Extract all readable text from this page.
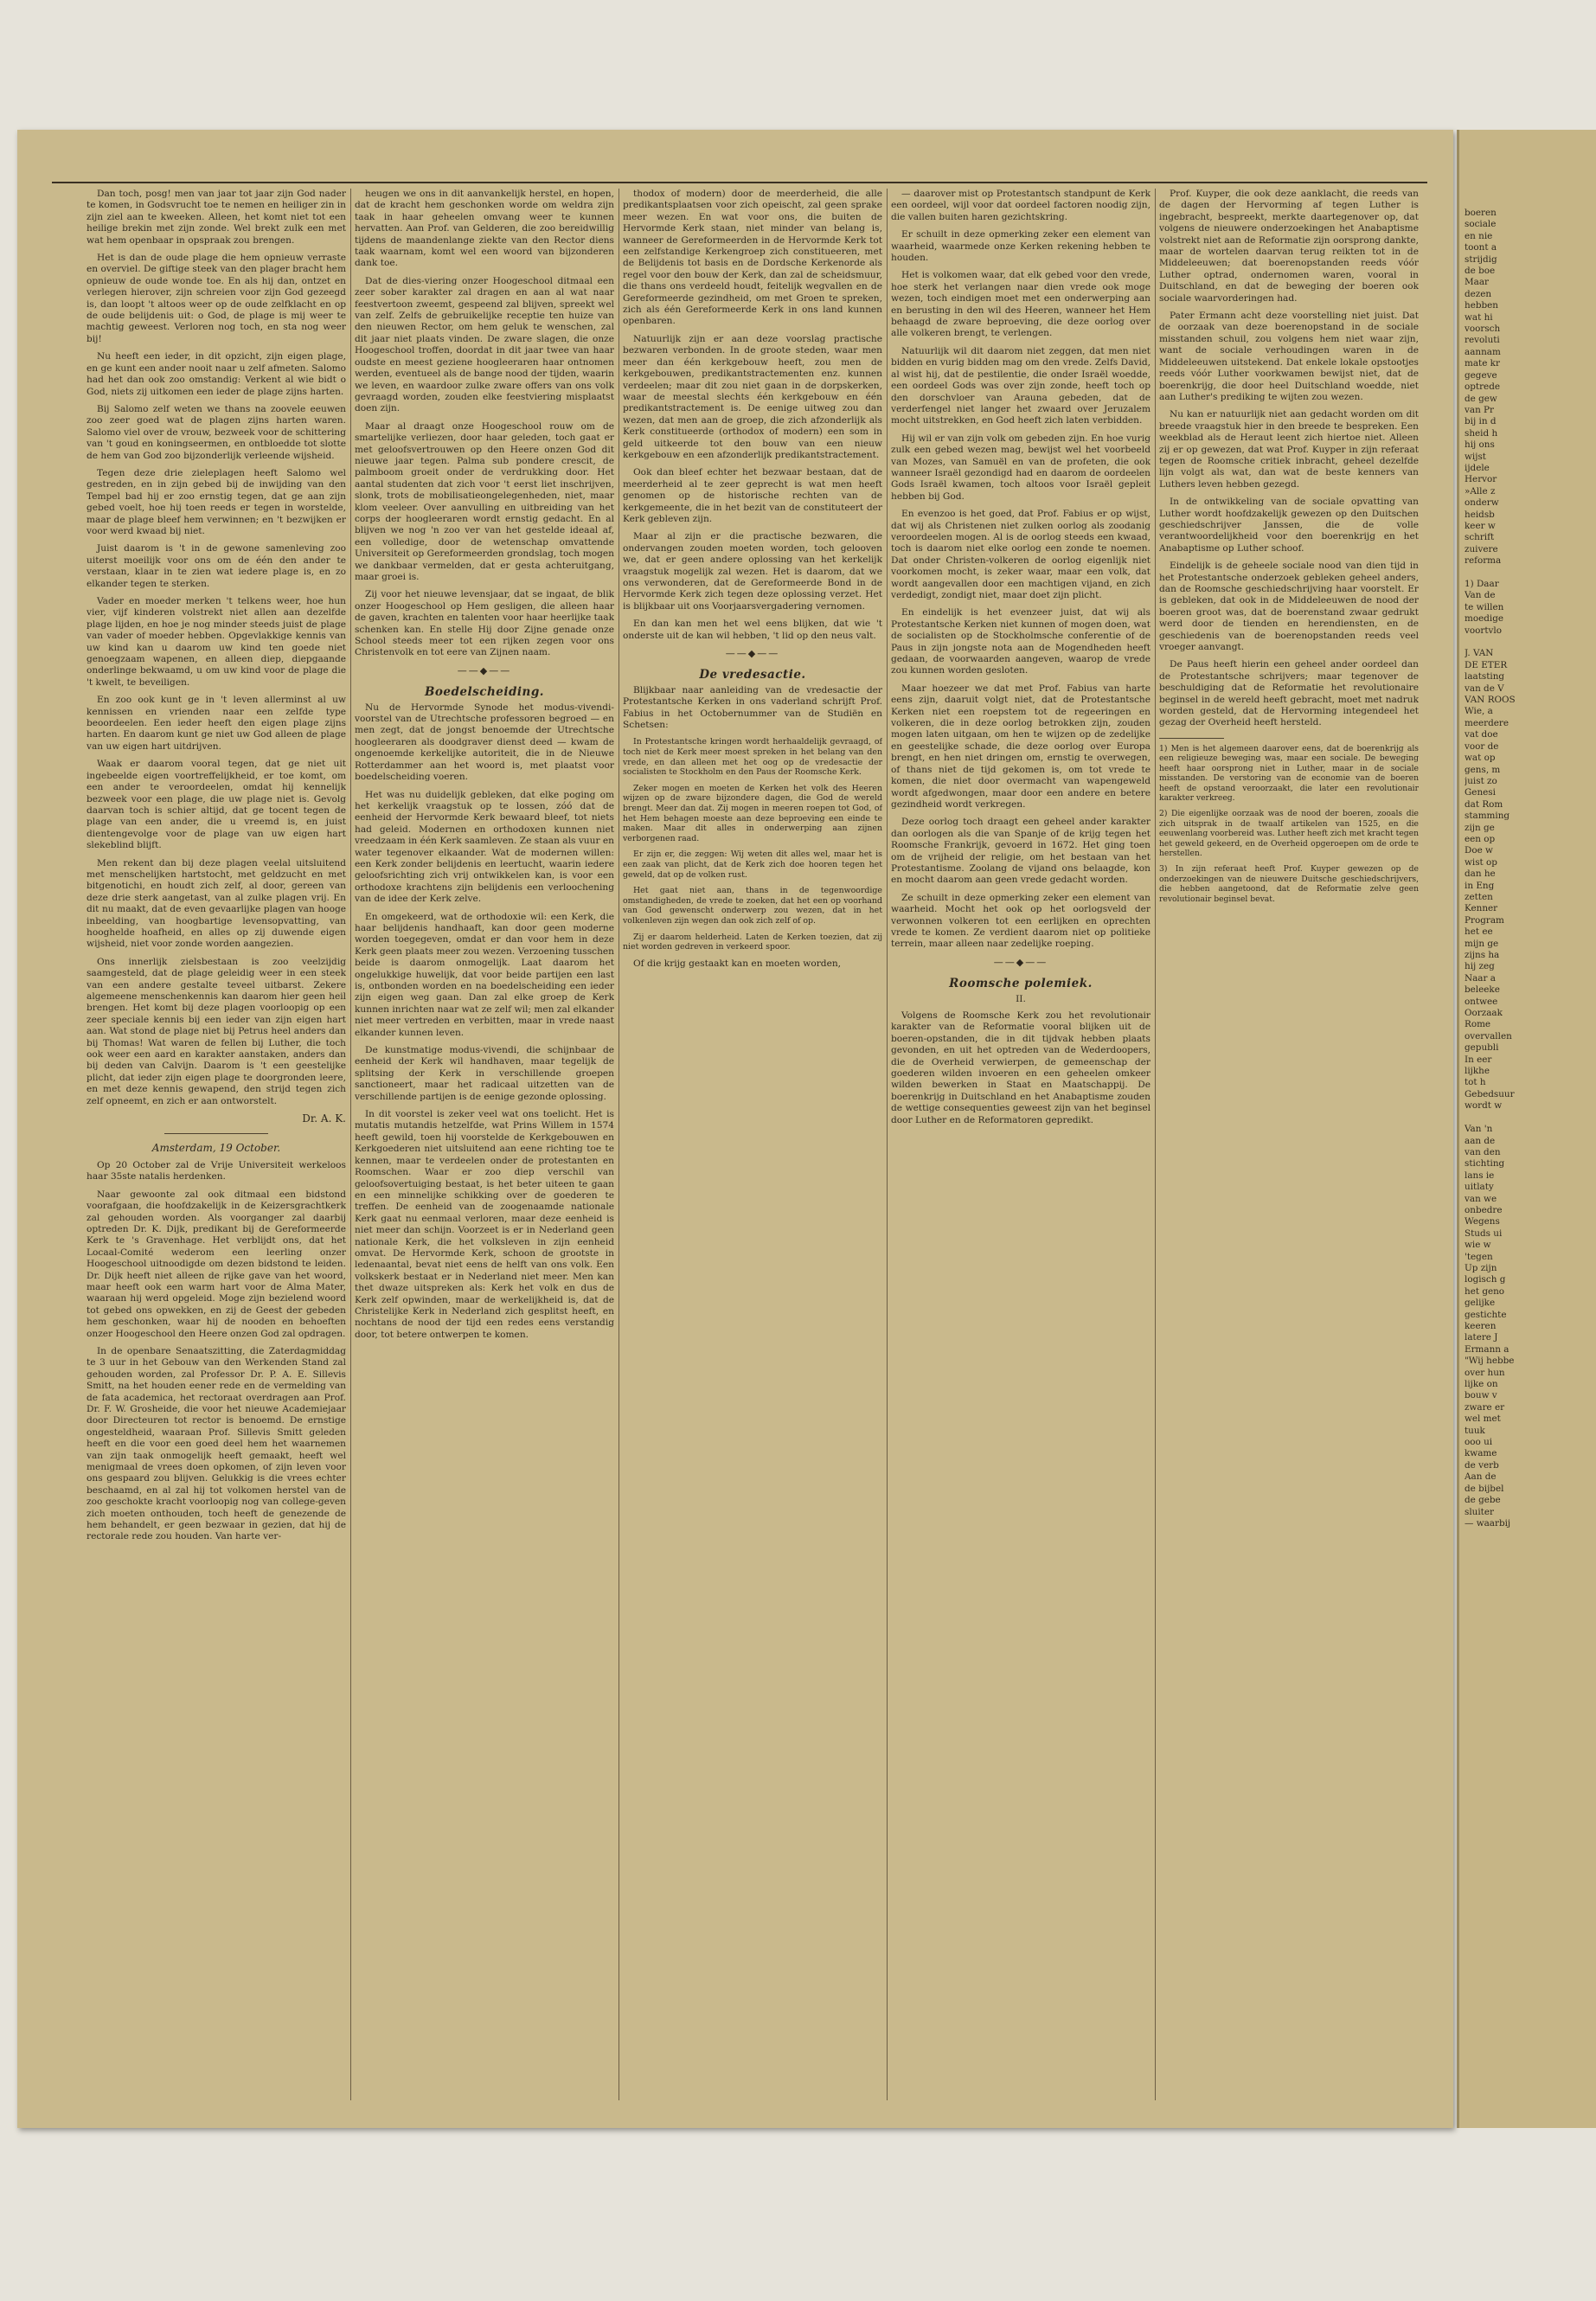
boeren
sociale
en nie
toont a
strijdig
de boe
Maar
dezen
hebben
wat hi
voorsch
revoluti
aannam
mate kr
gegeve
optrede
de gew
van Pr
bij in d
sheid h
hij ons
wijst
ijdele
Hervor
»Alle z
onderw
heidsb
keer w
schrift
zuivere
reforma

1) Daar
Van de
te willen
moedige
voortvlo

J. VAN
DE ETER
laatsting
van de V
VAN ROOS
Wie, a
meerdere
vat doe
voor de
wat op
gens, m
juist zo
Genesi
dat Rom
stamming
zijn ge
een op
Doe w
wist op
dan he
in Eng
zetten
Kenner
Program
het ee
mijn ge
zijns ha
hij zeg
Naar a
beleeke
ontwee
Oorzaak
Rome
overvallen
gepubli
In eer
lijkhe
tot h
Gebedsuur
wordt w

Van 'n
aan de
van den
stichting
lans ie
uitlaty
van we
onbedre
Wegens
Studs ui
wie w
'tegen
Up zijn
logisch g
het geno
gelijke
gestichte
keeren
latere J
Ermann a
"Wij hebbe
over hun
lijke on
bouw v
zware er
wel met
tuuk
ooo ui
kwame
de verb
Aan de
de bijbel
de gebe
sluiter
— waarbij

Dan toch, posg! men van jaar tot jaar zijn God nader te komen, in Godsvrucht toe te nemen en heiliger zin in zijn ziel aan te kweeken. Alleen, het komt niet tot een heilige brekin met zijn zonde. Wel brekt zulk een met wat hem openbaar in opspraak zou brengen.

Het is dan de oude plage die hem opnieuw verraste en overviel. De giftige steek van den plager bracht hem opnieuw de oude wonde toe. En als hij dan, ontzet en verlegen hierover, zijn schreien voor zijn God gezeegd is, dan loopt 't altoos weer op de oude zelfklacht en op de oude belijdenis uit: o God, de plage is mij weer te machtig geweest. Verloren nog toch, en sta nog weer bij!

Nu heeft een ieder, in dit opzicht, zijn eigen plage, en ge kunt een ander nooit naar u zelf afmeten. Salomo had het dan ook zoo omstandig: Verkent al wie bidt o God, niets zij uitkomen een ieder de plage zijns harten.

Bij Salomo zelf weten we thans na zoovele eeuwen zoo zeer goed wat de plagen zijns harten waren. Salomo viel over de vrouw, bezweek voor de schittering van 't goud en koningseermen, en ontbloedde tot slotte de hem van God zoo bijzonderlijk verleende wijsheid.

Tegen deze drie zieleplagen heeft Salomo wel gestreden, en in zijn gebed bij de inwijding van den Tempel bad hij er zoo ernstig tegen, dat ge aan zijn gebed voelt, hoe hij toen reeds er tegen in worstelde, maar de plage bleef hem verwinnen; en 't bezwijken er voor werd kwaad bij niet.

Juist daarom is 't in de gewone samenleving zoo uiterst moeilijk voor ons om de één den ander te verstaan, klaar in te zien wat iedere plage is, en zo elkander tegen te sterken.

Vader en moeder merken 't telkens weer, hoe hun vier, vijf kinderen volstrekt niet allen aan dezelfde plage lijden, en hoe je nog minder steeds juist de plage van vader of moeder hebben. Opgevlakkige kennis van uw kind kan u daarom uw kind ten goede niet genoegzaam wapenen, en alleen diep, diepgaande onderlinge bekwaamd, u om uw kind voor de plage die 't kwelt, te beveiligen.

En zoo ook kunt ge in 't leven allerminst al uw kennissen en vrienden naar een zelfde type beoordeelen. Een ieder heeft den eigen plage zijns harten. En daarom kunt ge niet uw God alleen de plage van uw eigen hart uitdrijven.

Waak er daarom vooral tegen, dat ge niet uit ingebeelde eigen voortreffelijkheid, er toe komt, om een ander te veroordeelen, omdat hij kennelijk bezweek voor een plage, die uw plage niet is. Gevolg daarvan toch is schier altijd, dat ge tocent tegen de plage van een ander, die u vreemd is, en juist dientengevolge voor de plage van uw eigen hart slekeblind blijft.

Men rekent dan bij deze plagen veelal uitsluitend met menschelijken hartstocht, met geldzucht en met bitgenotichi, en houdt zich zelf, al door, gereen van deze drie sterk aangetast, van al zulke plagen vrij. En dit nu maakt, dat de even gevaarlijke plagen van hooge inbeelding, van hoogbartige levensopvatting, van hooghelde hoafheid, en alles op zij duwende eigen wijsheid, niet voor zonde worden aangezien.

Ons innerlijk zielsbestaan is zoo veelzijdig saamgesteld, dat de plage geleidig weer in een steek van een andere gestalte teveel uitbarst. Zekere algemeene menschenkennis kan daarom hier geen heil brengen. Het komt bij deze plagen voorloopig op een zeer speciale kennis bij een ieder van zijn eigen hart aan. Wat stond de plage niet bij Petrus heel anders dan bij Thomas! Wat waren de fellen bij Luther, die toch ook weer een aard en karakter aanstaken, anders dan bij deden van Calvijn. Daarom is 't een geestelijke plicht, dat ieder zijn eigen plage te doorgronden leere, en met deze kennis gewapend, den strijd tegen zich zelf opneemt, en zich er aan ontworstelt.

Dr. A. K.

Amsterdam, 19 October.

Op 20 October zal de Vrije Universiteit werkeloos haar 35ste natalis herdenken.

Naar gewoonte zal ook ditmaal een bidstond voorafgaan, die hoofdzakelijk in de Keizersgrachtkerk zal gehouden worden. Als voorganger zal daarbij optreden Dr. K. Dijk, predikant bij de Gereformeerde Kerk te 's Gravenhage. Het verblijdt ons, dat het Locaal-Comité wederom een leerling onzer Hoogeschool uitnoodigde om dezen bidstond te leiden. Dr. Dijk heeft niet alleen de rijke gave van het woord, maar heeft ook een warm hart voor de Alma Mater, waaraan hij werd opgeleid. Moge zijn bezielend woord tot gebed ons opwekken, en zij de Geest der gebeden hem geschonken, waar hij de nooden en behoeften onzer Hoogeschool den Heere onzen God zal opdragen.

In de openbare Senaatszitting, die Zaterdagmiddag te 3 uur in het Gebouw van den Werkenden Stand zal gehouden worden, zal Professor Dr. P. A. E. Sillevis Smitt, na het houden eener rede en de vermelding van de fata academica, het rectoraat overdragen aan Prof. Dr. F. W. Grosheide, die voor het nieuwe Academiejaar door Directeuren tot rector is benoemd. De ernstige ongesteldheid, waaraan Prof. Sillevis Smitt geleden heeft en die voor een goed deel hem het waarnemen van zijn taak onmogelijk heeft gemaakt, heeft wel menigmaal de vrees doen opkomen, of zijn leven voor ons gespaard zou blijven. Gelukkig is die vrees echter beschaamd, en al zal hij tot volkomen herstel van de zoo geschokte kracht voorloopig nog van college-geven zich moeten onthouden, toch heeft de genezende de hem behandelt, er geen bezwaar in gezien, dat hij de rectorale rede zou houden. Van harte ver-

heugen we ons in dit aanvankelijk herstel, en hopen, dat de kracht hem geschonken worde om weldra zijn taak in haar geheelen omvang weer te kunnen hervatten. Aan Prof. van Gelderen, die zoo bereidwillig tijdens de maandenlange ziekte van den Rector diens taak waarnam, komt wel een woord van bijzonderen dank toe.

Dat de dies-viering onzer Hoogeschool ditmaal een zeer sober karakter zal dragen en aan al wat naar feestvertoon zweemt, gespeend zal blijven, spreekt wel van zelf. Zelfs de gebruikelijke receptie ten huize van den nieuwen Rector, om hem geluk te wenschen, zal dit jaar niet plaats vinden. De zware slagen, die onze Hoogeschool troffen, doordat in dit jaar twee van haar oudste en meest geziene hoogleeraren haar ontnomen werden, eventueel als de bange nood der tijden, waarin we leven, en waardoor zulke zware offers van ons volk gevraagd worden, zouden elke feestviering misplaatst doen zijn.

Maar al draagt onze Hoogeschool rouw om de smartelijke verliezen, door haar geleden, toch gaat er met geloofsvertrouwen op den Heere onzen God dit nieuwe jaar tegen. Palma sub pondere crescit, de palmboom groeit onder de verdrukking door. Het aantal studenten dat zich voor 't eerst liet inschrijven, slonk, trots de mobilisatieongelegenheden, niet, maar klom veeleer. Over aanvulling en uitbreiding van het corps der hoogleeraren wordt ernstig gedacht. En al blijven we nog 'n zoo ver van het gestelde ideaal af, een volledige, door de wetenschap omvattende Universiteit op Gereformeerden grondslag, toch mogen we dankbaar vermelden, dat er gesta achteruitgang, maar groei is.

Zij voor het nieuwe levensjaar, dat se ingaat, de blik onzer Hoogeschool op Hem gesligen, die alleen haar de gaven, krachten en talenten voor haar heerlijke taak schenken kan. En stelle Hij door Zijne genade onze School steeds meer tot een rijken zegen voor ons Christenvolk en tot eere van Zijnen naam.

——◆——
Boedelscheiding.

Nu de Hervormde Synode het modus-vivendi-voorstel van de Utrechtsche professoren begroed — en men zegt, dat de jongst benoemde der Utrechtsche hoogleeraren als doodgraver dienst deed — kwam de ongenoemde kerkelijke autoriteit, die in de Nieuwe Rotterdammer aan het woord is, met plaatst voor boedelscheiding voeren.

Het was nu duidelijk gebleken, dat elke poging om het kerkelijk vraagstuk op te lossen, zóó dat de eenheid der Hervormde Kerk bewaard bleef, tot niets had geleid. Modernen en orthodoxen kunnen niet vreedzaam in één Kerk saamleven. Ze staan als vuur en water tegenover elkaander. Wat de modernen willen: een Kerk zonder belijdenis en leertucht, waarin iedere geloofsrichting zich vrij ontwikkelen kan, is voor een orthodoxe krachtens zijn belijdenis een verloochening van de idee der Kerk zelve.

En omgekeerd, wat de orthodoxie wil: een Kerk, die haar belijdenis handhaaft, kan door geen moderne worden toegegeven, omdat er dan voor hem in deze Kerk geen plaats meer zou wezen. Verzoening tusschen beide is daarom onmogelijk. Laat daarom het ongelukkige huwelijk, dat voor beide partijen een last is, ontbonden worden en na boedelscheiding een ieder zijn eigen weg gaan. Dan zal elke groep de Kerk kunnen inrichten naar wat ze zelf wil; men zal elkander niet meer vertreden en verbitten, maar in vrede naast elkander kunnen leven.

De kunstmatige modus-vivendi, die schijnbaar de eenheid der Kerk wil handhaven, maar tegelijk de splitsing der Kerk in verschillende groepen sanctioneert, maar het radicaal uitzetten van de verschillende partijen is de eenige gezonde oplossing.

In dit voorstel is zeker veel wat ons toelicht. Het is mutatis mutandis hetzelfde, wat Prins Willem in 1574 heeft gewild, toen hij voorstelde de Kerkgebouwen en Kerkgoederen niet uitsluitend aan eene richting toe te kennen, maar te verdeelen onder de protestanten en Roomschen. Waar er zoo diep verschil van geloofsovertuiging bestaat, is het beter uiteen te gaan en een minnelijke schikking over de goederen te treffen. De eenheid van de zoogenaamde nationale Kerk gaat nu eenmaal verloren, maar deze eenheid is niet meer dan schijn. Voorzeet is er in Nederland geen nationale Kerk, die het volksleven in zijn eenheid omvat. De Hervormde Kerk, schoon de grootste in ledenaantal, bevat niet eens de helft van ons volk. Een volkskerk bestaat er in Nederland niet meer. Men kan thet dwaze uitspreken als: Kerk het volk en dus de Kerk zelf opwinden, maar de werkelijkheid is, dat de Christelijke Kerk in Nederland zich gesplitst heeft, en nochtans de nood der tijd een redes eens verstandig door, tot betere ontwerpen te komen.

thodox of modern) door de meerderheid, die alle predikantsplaatsen voor zich opeischt, zal geen sprake meer wezen. En wat voor ons, die buiten de Hervormde Kerk staan, niet minder van belang is, wanneer de Gereformeerden in de Hervormde Kerk tot een zelfstandige Kerkengroep zich constitueeren, met de Belijdenis tot basis en de Dordsche Kerkenorde als regel voor den bouw der Kerk, dan zal de scheidsmuur, die thans ons verdeeld houdt, feitelijk wegvallen en de Gereformeerde gezindheid, om met Groen te spreken, zich als één Gereformeerde Kerk in ons land kunnen openbaren.

Natuurlijk zijn er aan deze voorslag practische bezwaren verbonden. In de groote steden, waar men meer dan één kerkgebouw heeft, zou men de kerkgebouwen, predikantstractementen enz. kunnen verdeelen; maar dit zou niet gaan in de dorpskerken, waar de meestal slechts één kerkgebouw en één predikantstractement is. De eenige uitweg zou dan wezen, dat men aan de groep, die zich afzonderlijk als Kerk constitueerde (orthodox of modern) een som in geld uitkeerde tot den bouw van een nieuw kerkgebouw en een afzonderlijk predikantstractement.

Ook dan bleef echter het bezwaar bestaan, dat de meerderheid al te zeer geprecht is wat men heeft genomen op de historische rechten van de kerkgemeente, die in het bezit van de constituteert der Kerk gebleven zijn.

Maar al zijn er die practische bezwaren, die ondervangen zouden moeten worden, toch gelooven we, dat er geen andere oplossing van het kerkelijk vraagstuk mogelijk zal wezen. Het is daarom, dat we ons verwonderen, dat de Gereformeerde Bond in de Hervormde Kerk zich tegen deze oplossing verzet. Het is blijkbaar uit ons Voorjaarsvergadering vernomen.

En dan kan men het wel eens blijken, dat wie 't onderste uit de kan wil hebben, 't lid op den neus valt.

——◆——
De vredesactie.

Blijkbaar naar aanleiding van de vredesactie der Protestantsche Kerken in ons vaderland schrijft Prof. Fabius in het Octobernummer van de Studiën en Schetsen:

In Protestantsche kringen wordt herhaaldelijk gevraagd, of toch niet de Kerk meer moest spreken in het belang van den vrede, en dan alleen met het oog op de vredesactie der socialisten te Stockholm en den Paus der Roomsche Kerk.

Zeker mogen en moeten de Kerken het volk des Heeren wijzen op de zware bijzondere dagen, die God de wereld brengt. Meer dan dat. Zij mogen in meeren roepen tot God, of het Hem behagen moeste aan deze beproeving een einde te maken. Maar dit alles in onderwerping aan zijnen verborgenen raad.

Er zijn er, die zeggen: Wij weten dit alles wel, maar het is een zaak van plicht, dat de Kerk zich doe hooren tegen het geweld, dat op de volken rust.

Het gaat niet aan, thans in de tegenwoordige omstandigheden, de vrede te zoeken, dat het een op voorhand van God gewenscht onderwerp zou wezen, dat in het volkenleven zijn wegen dan ook zich zelf of op.

Zij er daarom helderheid. Laten de Kerken toezien, dat zij niet worden gedreven in verkeerd spoor.

Of die krijg gestaakt kan en moeten worden,

— daarover mist op Protestantsch standpunt de Kerk een oordeel, wijl voor dat oordeel factoren noodig zijn, die vallen buiten haren gezichtskring.

Er schuilt in deze opmerking zeker een element van waarheid, waarmede onze Kerken rekening hebben te houden.

Het is volkomen waar, dat elk gebed voor den vrede, hoe sterk het verlangen naar dien vrede ook moge wezen, toch eindigen moet met een onderwerping aan en berusting in den wil des Heeren, wanneer het Hem behaagd de zware beproeving, die deze oorlog over alle volkeren brengt, te verlengen.

Natuurlijk wil dit daarom niet zeggen, dat men niet bidden en vurig bidden mag om den vrede. Zelfs David, al wist hij, dat de pestilentie, die onder Israël woedde, een oordeel Gods was over zijn zonde, heeft toch op den dorschvloer van Arauna gebeden, dat de verderfengel niet langer het zwaard over Jeruzalem mocht uitstrekken, en God heeft zich laten verbidden.

Hij wil er van zijn volk om gebeden zijn. En hoe vurig zulk een gebed wezen mag, bewijst wel het voorbeeld van Mozes, van Samuël en van de profeten, die ook wanneer Israël gezondigd had en daarom de oordeelen Gods Israël kwamen, toch altoos voor Israël gepleit hebben bij God.

En evenzoo is het goed, dat Prof. Fabius er op wijst, dat wij als Christenen niet zulken oorlog als zoodanig veroordeelen mogen. Al is de oorlog steeds een kwaad, toch is daarom niet elke oorlog een zonde te noemen. Dat onder Christen-volkeren de oorlog eigenlijk niet voorkomen mocht, is zeker waar, maar een volk, dat wordt aangevallen door een machtigen vijand, en zich verdedigt, zondigt niet, maar doet zijn plicht.

En eindelijk is het evenzeer juist, dat wij als Protestantsche Kerken niet kunnen of mogen doen, wat de socialisten op de Stockholmsche conferentie of de Paus in zijn jongste nota aan de Mogendheden heeft gedaan, de voorwaarden aangeven, waarop de vrede zou kunnen worden gesloten.

Maar hoezeer we dat met Prof. Fabius van harte eens zijn, daaruit volgt niet, dat de Protestantsche Kerken niet een roepstem tot de regeeringen en volkeren, die in deze oorlog betrokken zijn, zouden mogen laten uitgaan, om hen te wijzen op de zedelijke en geestelijke schade, die deze oorlog over Europa brengt, en hen niet dringen om, ernstig te overwegen, of thans niet de tijd gekomen is, om tot vrede te komen, die niet door overmacht van wapengeweld wordt afgedwongen, maar door een andere en betere gezindheid wordt verkregen.

Deze oorlog toch draagt een geheel ander karakter dan oorlogen als die van Spanje of de krijg tegen het Roomsche Frankrijk, gevoerd in 1672. Het ging toen om de vrijheid der religie, om het bestaan van het Protestantisme. Zoolang de vijand ons belaagde, kon en mocht daarom aan geen vrede gedacht worden.

Ze schuilt in deze opmerking zeker een element van waarheid. Mocht het ook op het oorlogsveld der verwonnen volkeren tot een eerlijken en oprechten vrede te komen. Ze verdient daarom niet op politieke terrein, maar alleen naar zedelijke roeping.

——◆——
Roomsche polemiek.

II.

Volgens de Roomsche Kerk zou het revolutionair karakter van de Reformatie vooral blijken uit de boeren-opstanden, die in dit tijdvak hebben plaats gevonden, en uit het optreden van de Wederdoopers, die de Overheid verwierpen, de gemeenschap der goederen wilden invoeren en een geheelen omkeer wilden bewerken in Staat en Maatschappij. De boerenkrijg in Duitschland en het Anabaptisme zouden de wettige consequenties geweest zijn van het beginsel door Luther en de Reformatoren gepredikt.

Prof. Kuyper, die ook deze aanklacht, die reeds van de dagen der Hervorming af tegen Luther is ingebracht, bespreekt, merkte daartegenover op, dat volgens de nieuwere onderzoekingen het Anabaptisme volstrekt niet aan de Reformatie zijn oorsprong dankte, maar de wortelen daarvan terug reikten tot in de Middeleeuwen; dat boerenopstanden reeds vóór Luther optrad, ondernomen waren, vooral in Duitschland, en dat de beweging der boeren ook sociale waarvorderingen had.

Pater Ermann acht deze voorstelling niet juist. Dat de oorzaak van deze boerenopstand in de sociale misstanden schuil, zou volgens hem niet waar zijn, want de sociale verhoudingen waren in de Middeleeuwen uitstekend. Dat enkele lokale opstootjes reeds vóór Luther voorkwamen bewijst niet, dat de boerenkrijg, die door heel Duitschland woedde, niet aan Luther's prediking te wijten zou wezen.

Nu kan er natuurlijk niet aan gedacht worden om dit breede vraagstuk hier in den breede te bespreken. Een weekblad als de Heraut leent zich hiertoe niet. Alleen zij er op gewezen, dat wat Prof. Kuyper in zijn referaat tegen de Roomsche critiek inbracht, geheel dezelfde lijn volgt als wat, dan wat de beste kenners van Luthers leven hebben gezegd.

In de ontwikkeling van de sociale opvatting van Luther wordt hoofdzakelijk gewezen op den Duitschen geschiedschrijver Janssen, die de volle verantwoordelijkheid voor den boerenkrijg en het Anabaptisme op Luther schoof.

Eindelijk is de geheele sociale nood van dien tijd in het Protestantsche onderzoek gebleken geheel anders, dan de Roomsche geschiedschrijving haar voorstelt. Er is gebleken, dat ook in de Middeleeuwen de nood der boeren groot was, dat de boerenstand zwaar gedrukt werd door de tienden en herendiensten, en de geschiedenis van de boerenopstanden reeds veel vroeger aanvangt.

De Paus heeft hierin een geheel ander oordeel dan de Protestantsche schrijvers; maar tegenover de beschuldiging dat de Reformatie het revolutionaire beginsel in de wereld heeft gebracht, moet met nadruk worden gesteld, dat de Hervorming integendeel het gezag der Overheid heeft hersteld.

1) Men is het algemeen daarover eens, dat de boerenkrijg als een religieuze beweging was, maar een sociale. De beweging heeft haar oorsprong niet in Luther, maar in de sociale misstanden. De verstoring van de economie van de boeren heeft de opstand veroorzaakt, die later een revolutionair karakter verkreeg.

2) Die eigenlijke oorzaak was de nood der boeren, zooals die zich uitsprak in de twaalf artikelen van 1525, en die eeuwenlang voorbereid was. Luther heeft zich met kracht tegen het geweld gekeerd, en de Overheid opgeroepen om de orde te herstellen.

3) In zijn referaat heeft Prof. Kuyper gewezen op de onderzoekingen van de nieuwere Duitsche geschiedschrijvers, die hebben aangetoond, dat de Reformatie zelve geen revolutionair beginsel bevat.
